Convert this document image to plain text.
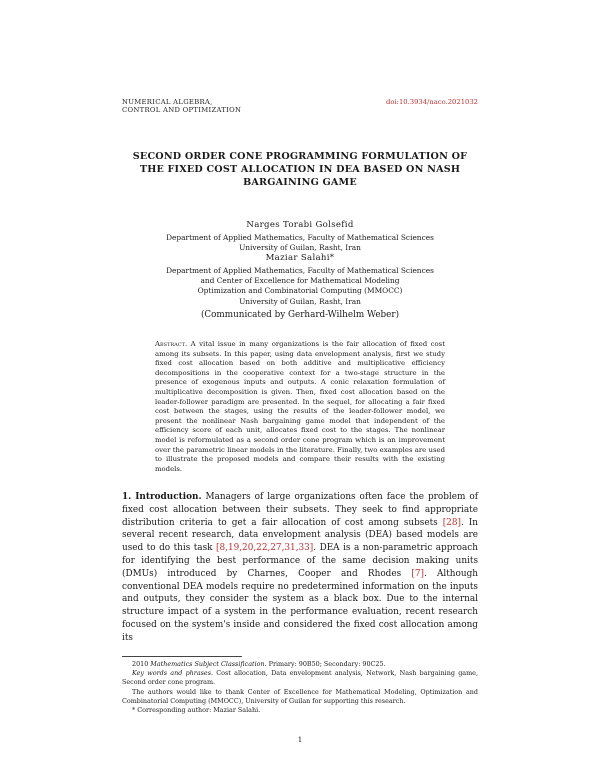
NUMERICAL ALGEBRA,
CONTROL AND OPTIMIZATION
doi:10.3934/naco.2021032
SECOND ORDER CONE PROGRAMMING FORMULATION OF
THE FIXED COST ALLOCATION IN DEA BASED ON NASH
BARGAINING GAME
Narges Torabi Golsefid
Department of Applied Mathematics, Faculty of Mathematical Sciences
University of Guilan, Rasht, Iran
Maziar Salahi*
Department of Applied Mathematics, Faculty of Mathematical Sciences
and Center of Excellence for Mathematical Modeling
Optimization and Combinatorial Computing (MMOCC)
University of Guilan, Rasht, Iran
(Communicated by Gerhard-Wilhelm Weber)
Abstract. A vital issue in many organizations is the fair allocation of fixed cost among its subsets. In this paper, using data envelopment analysis, first we study fixed cost allocation based on both additive and multiplicative efficiency decompositions in the cooperative context for a two-stage structure in the presence of exogenous inputs and outputs. A conic relaxation formulation of multiplicative decomposition is given. Then, fixed cost allocation based on the leader-follower paradigm are presented. In the sequel, for allocating a fair fixed cost between the stages, using the results of the leader-follower model, we present the nonlinear Nash bargaining game model that independent of the efficiency score of each unit, allocates fixed cost to the stages. The nonlinear model is reformulated as a second order cone program which is an improvement over the parametric linear models in the literature. Finally, two examples are used to illustrate the proposed models and compare their results with the existing models.
1. Introduction. Managers of large organizations often face the problem of fixed cost allocation between their subsets. They seek to find appropriate distribution criteria to get a fair allocation of cost among subsets [28]. In several recent research, data envelopment analysis (DEA) based models are used to do this task [8,19,20,22,27,31,33]. DEA is a non-parametric approach for identifying the best performance of the same decision making units (DMUs) introduced by Charnes, Cooper and Rhodes [7]. Although conventional DEA models require no predetermined information on the inputs and outputs, they consider the system as a black box. Due to the internal structure impact of a system in the performance evaluation, recent research focused on the system's inside and considered the fixed cost allocation among its

2010 Mathematics Subject Classification. Primary: 90B50; Secondary: 90C25.

Key words and phrases. Cost allocation, Data envelopment analysis, Network, Nash bargaining game, Second order cone program.

The authors would like to thank Center of Excellence for Mathematical Modeling, Optimization and Combinatorial Computing (MMOCC), University of Guilan for supporting this research.

* Corresponding author: Maziar Salahi.

1
